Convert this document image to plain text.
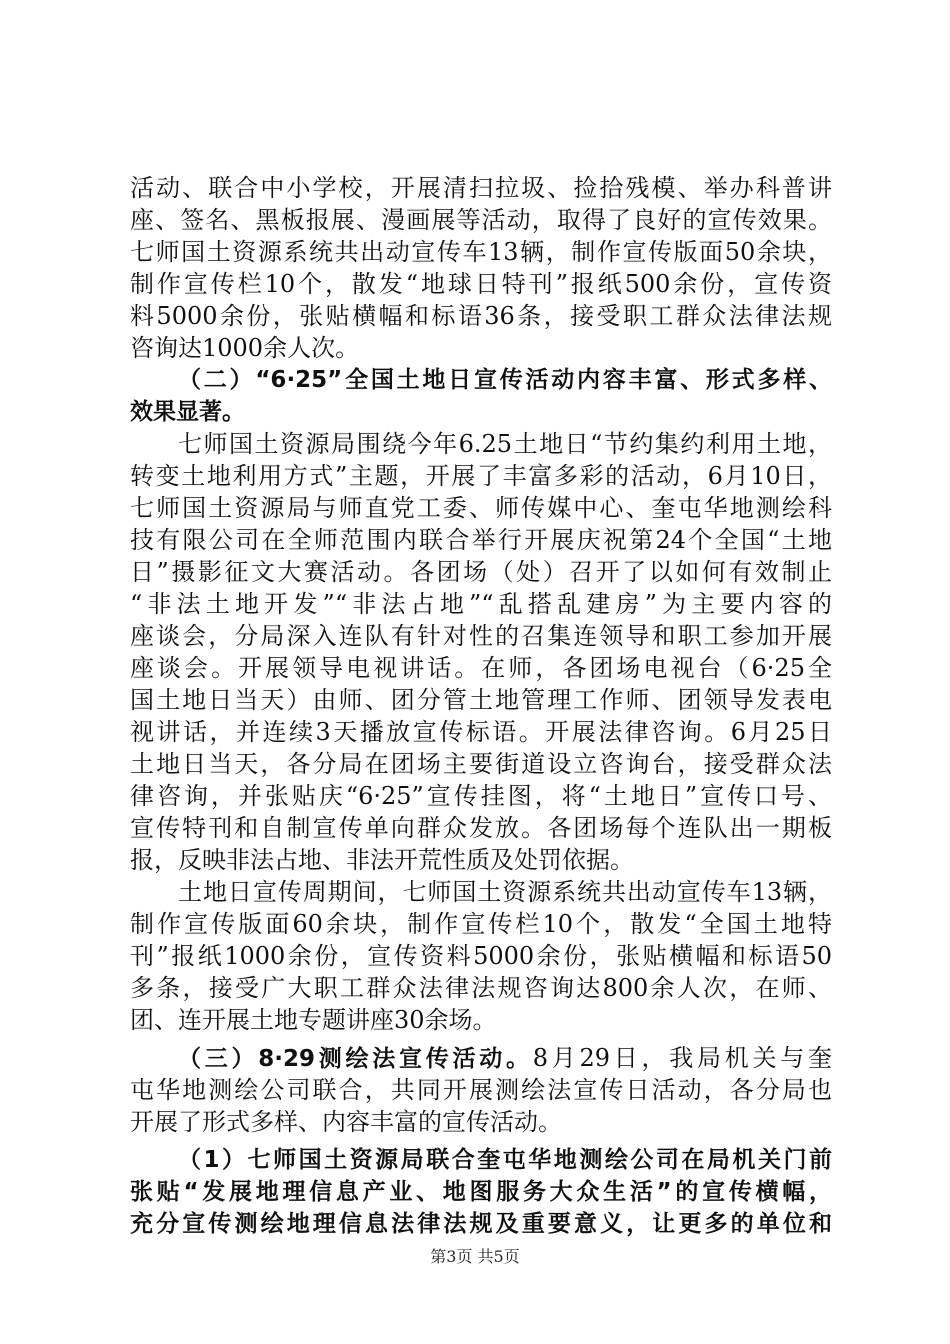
活动、联合中小学校，开展清扫拉圾、捡拾残模、举办科普讲
座、签名、黑板报展、漫画展等活动，取得了良好的宣传效果。
七师国土资源系统共出动宣传车13辆，制作宣传版面50余块，
制作宣传栏10个，散发“地球日特刊”报纸500余份，宣传资
料5000余份，张贴横幅和标语36条，接受职工群众法律法规
咨询达1000余人次。
（二）“6·25”全国土地日宣传活动内容丰富、形式多样、
效果显著。
七师国土资源局围绕今年6.25土地日“节约集约利用土地，
转变土地利用方式”主题，开展了丰富多彩的活动，6月10日，
七师国土资源局与师直党工委、师传媒中心、奎屯华地测绘科
技有限公司在全师范围内联合举行开展庆祝第24个全国“土地
日”摄影征文大赛活动。各团场（处）召开了以如何有效制止
“非法土地开发”“非法占地”“乱搭乱建房”为主要内容的
座谈会，分局深入连队有针对性的召集连领导和职工参加开展
座谈会。开展领导电视讲话。在师，各团场电视台（6·25全
国土地日当天）由师、团分管土地管理工作师、团领导发表电
视讲话，并连续3天播放宣传标语。开展法律咨询。6月25日
土地日当天，各分局在团场主要街道设立咨询台，接受群众法
律咨询，并张贴庆“6·25”宣传挂图，将“土地日”宣传口号、
宣传特刊和自制宣传单向群众发放。各团场每个连队出一期板
报，反映非法占地、非法开荒性质及处罚依据。
土地日宣传周期间，七师国土资源系统共出动宣传车13辆，
制作宣传版面60余块，制作宣传栏10个，散发“全国土地特
刊”报纸1000余份，宣传资料5000余份，张贴横幅和标语50
多条，接受广大职工群众法律法规咨询达800余人次，在师、
团、连开展土地专题讲座30余场。
（三）8·29测绘法宣传活动。8月29日，我局机关与奎
屯华地测绘公司联合，共同开展测绘法宣传日活动，各分局也
开展了形式多样、内容丰富的宣传活动。
（1）七师国土资源局联合奎屯华地测绘公司在局机关门前
张贴“发展地理信息产业、地图服务大众生活”的宣传横幅，
充分宣传测绘地理信息法律法规及重要意义，让更多的单位和
第3页 共5页
